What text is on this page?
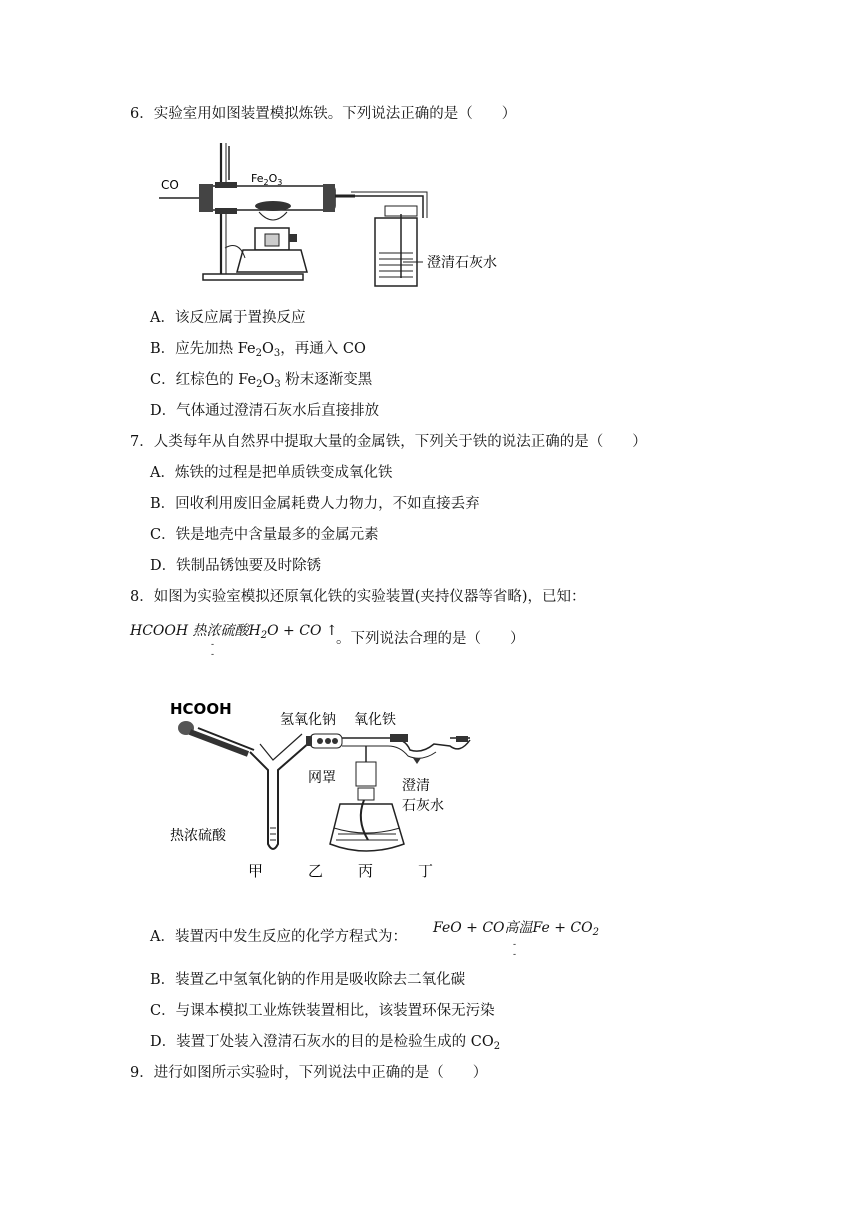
6．实验室用如图装置模拟炼铁。下列说法正确的是（　　）
CO	$Fe_2O_3$
澄清石灰水
A．该反应属于置换反应
B．应先加热 $Fe_2O_3$，再通入 CO
C．红棕色的 $Fe_2O_3$ 粉末逐渐变黑
D．气体通过澄清石灰水后直接排放
7．人类每年从自然界中提取大量的金属铁，下列关于铁的说法正确的是（　　）
A．炼铁的过程是把单质铁变成氧化铁
B．回收利用废旧金属耗费人力物力，不如直接丢弃
C．铁是地壳中含量最多的金属元素
D．铁制品锈蚀要及时除锈
8．如图为实验室模拟还原氧化铁的实验装置(夹持仪器等省略)，已知：
HCOOH 热浓硫酸$H_2O$ + CO ↑
‑
‑
。下列说法合理的是（　　）
HCOOH
热浓硫酸
氢氧化钠 氧化铁
澄清
石灰水
网罩
甲	乙 丙	丁
A．装置丙中发生反应的化学方程式为：
FeO + CO高温$Fe + CO_2$
‑
‑
B．装置乙中氢氧化钠的作用是吸收除去二氧化碳
C．与课本模拟工业炼铁装置相比，该装置环保无污染
D．装置丁处装入澄清石灰水的目的是检验生成的 $CO_2$
9．进行如图所示实验时，下列说法中正确的是（　　）
